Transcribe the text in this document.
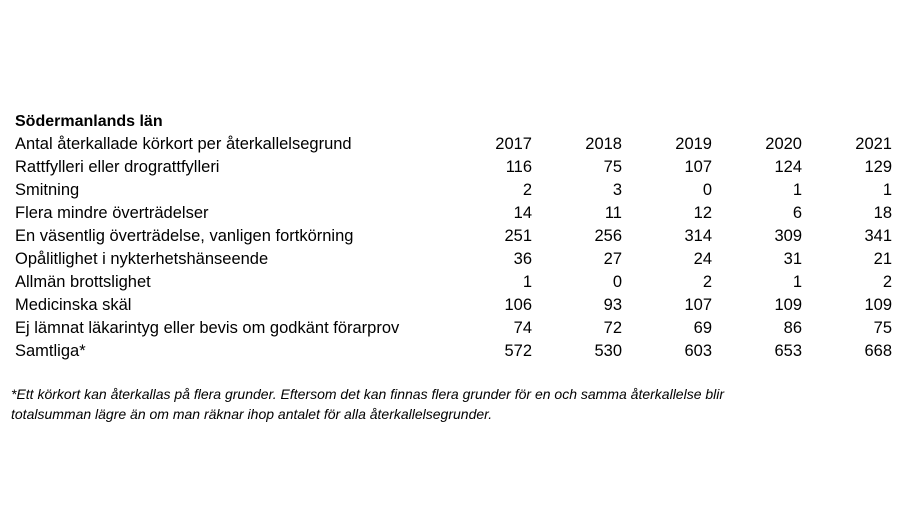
Södermanlands län
Antal återkallade körkort per återkallelsegrund	2017	2018	2019	2020	2021
Rattfylleri eller drograttfylleri	116	75	107	124	129
Smitning	2	3	0	1	1
Flera mindre överträdelser	14	11	12	6	18
En väsentlig överträdelse, vanligen fortkörning	251	256	314	309	341
Opålitlighet i nykterhetshänseende	36	27	24	31	21
Allmän brottslighet	1	0	2	1	2
Medicinska skäl	106	93	107	109	109
Ej lämnat läkarintyg eller bevis om godkänt förarprov	74	72	69	86	75
Samtliga*	572	530	603	653	668
*Ett körkort kan återkallas på flera grunder. Eftersom det kan finnas flera grunder för en och samma återkallelse blir
totalsumman lägre än om man räknar ihop antalet för alla återkallelsegrunder.
